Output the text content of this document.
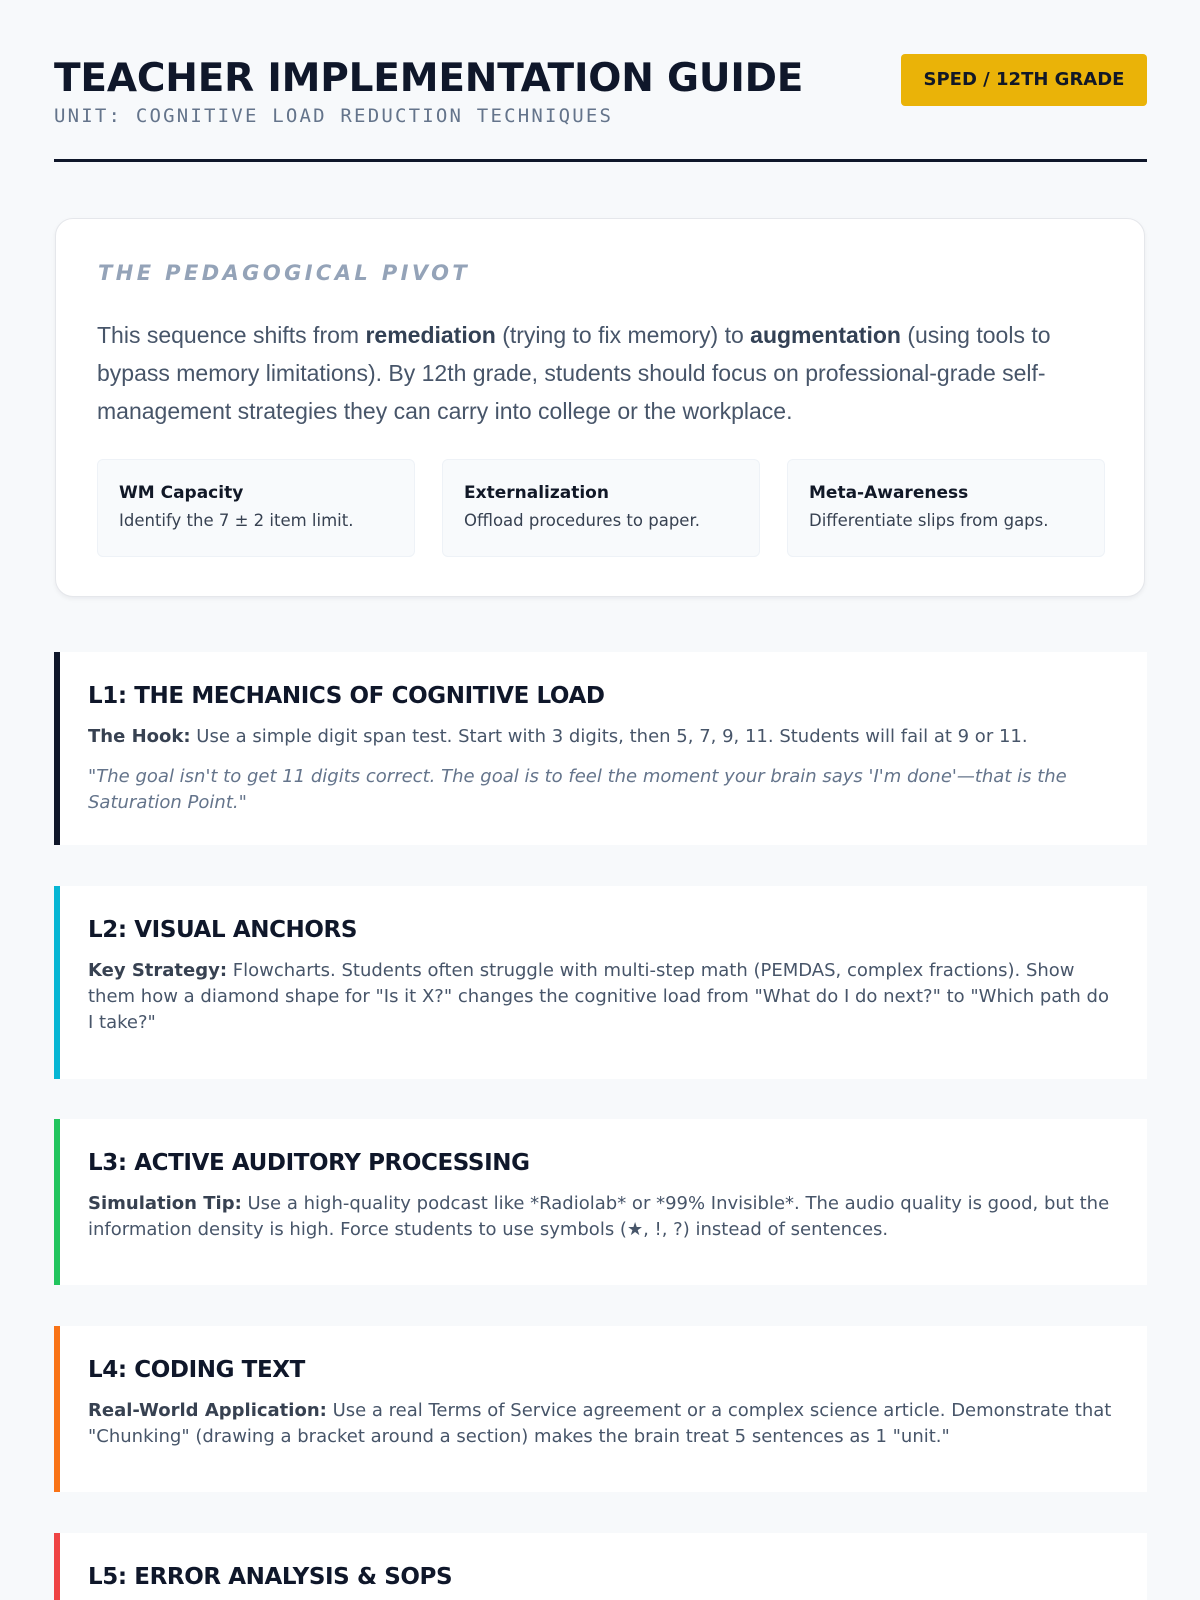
TEACHER IMPLEMENTATION GUIDE
UNIT: COGNITIVE LOAD REDUCTION TECHNIQUES
SPED / 12TH GRADE
THE PEDAGOGICAL PIVOT

This sequence shifts from remediation (trying to fix memory) to augmentation (using tools to bypass memory limitations). By 12th grade, students should focus on professional-grade self-management strategies they can carry into college or the workplace.

WM Capacity
Identify the 7 ± 2 item limit.
Externalization
Offload procedures to paper.
Meta-Awareness
Differentiate slips from gaps.
L1: THE MECHANICS OF COGNITIVE LOAD

The Hook: Use a simple digit span test. Start with 3 digits, then 5, 7, 9, 11. Students will fail at 9 or 11.

"The goal isn't to get 11 digits correct. The goal is to feel the moment your brain says 'I'm done'—that is the Saturation Point."

L2: VISUAL ANCHORS

Key Strategy: Flowcharts. Students often struggle with multi-step math (PEMDAS, complex fractions). Show them how a diamond shape for "Is it X?" changes the cognitive load from "What do I do next?" to "Which path do I take?"

L3: ACTIVE AUDITORY PROCESSING

Simulation Tip: Use a high-quality podcast like *Radiolab* or *99% Invisible*. The audio quality is good, but the information density is high. Force students to use symbols (★, !, ?) instead of sentences.

L4: CODING TEXT

Real-World Application: Use a real Terms of Service agreement or a complex science article. Demonstrate that "Chunking" (drawing a bracket around a section) makes the brain treat 5 sentences as 1 "unit."

L5: ERROR ANALYSIS & SOPS
